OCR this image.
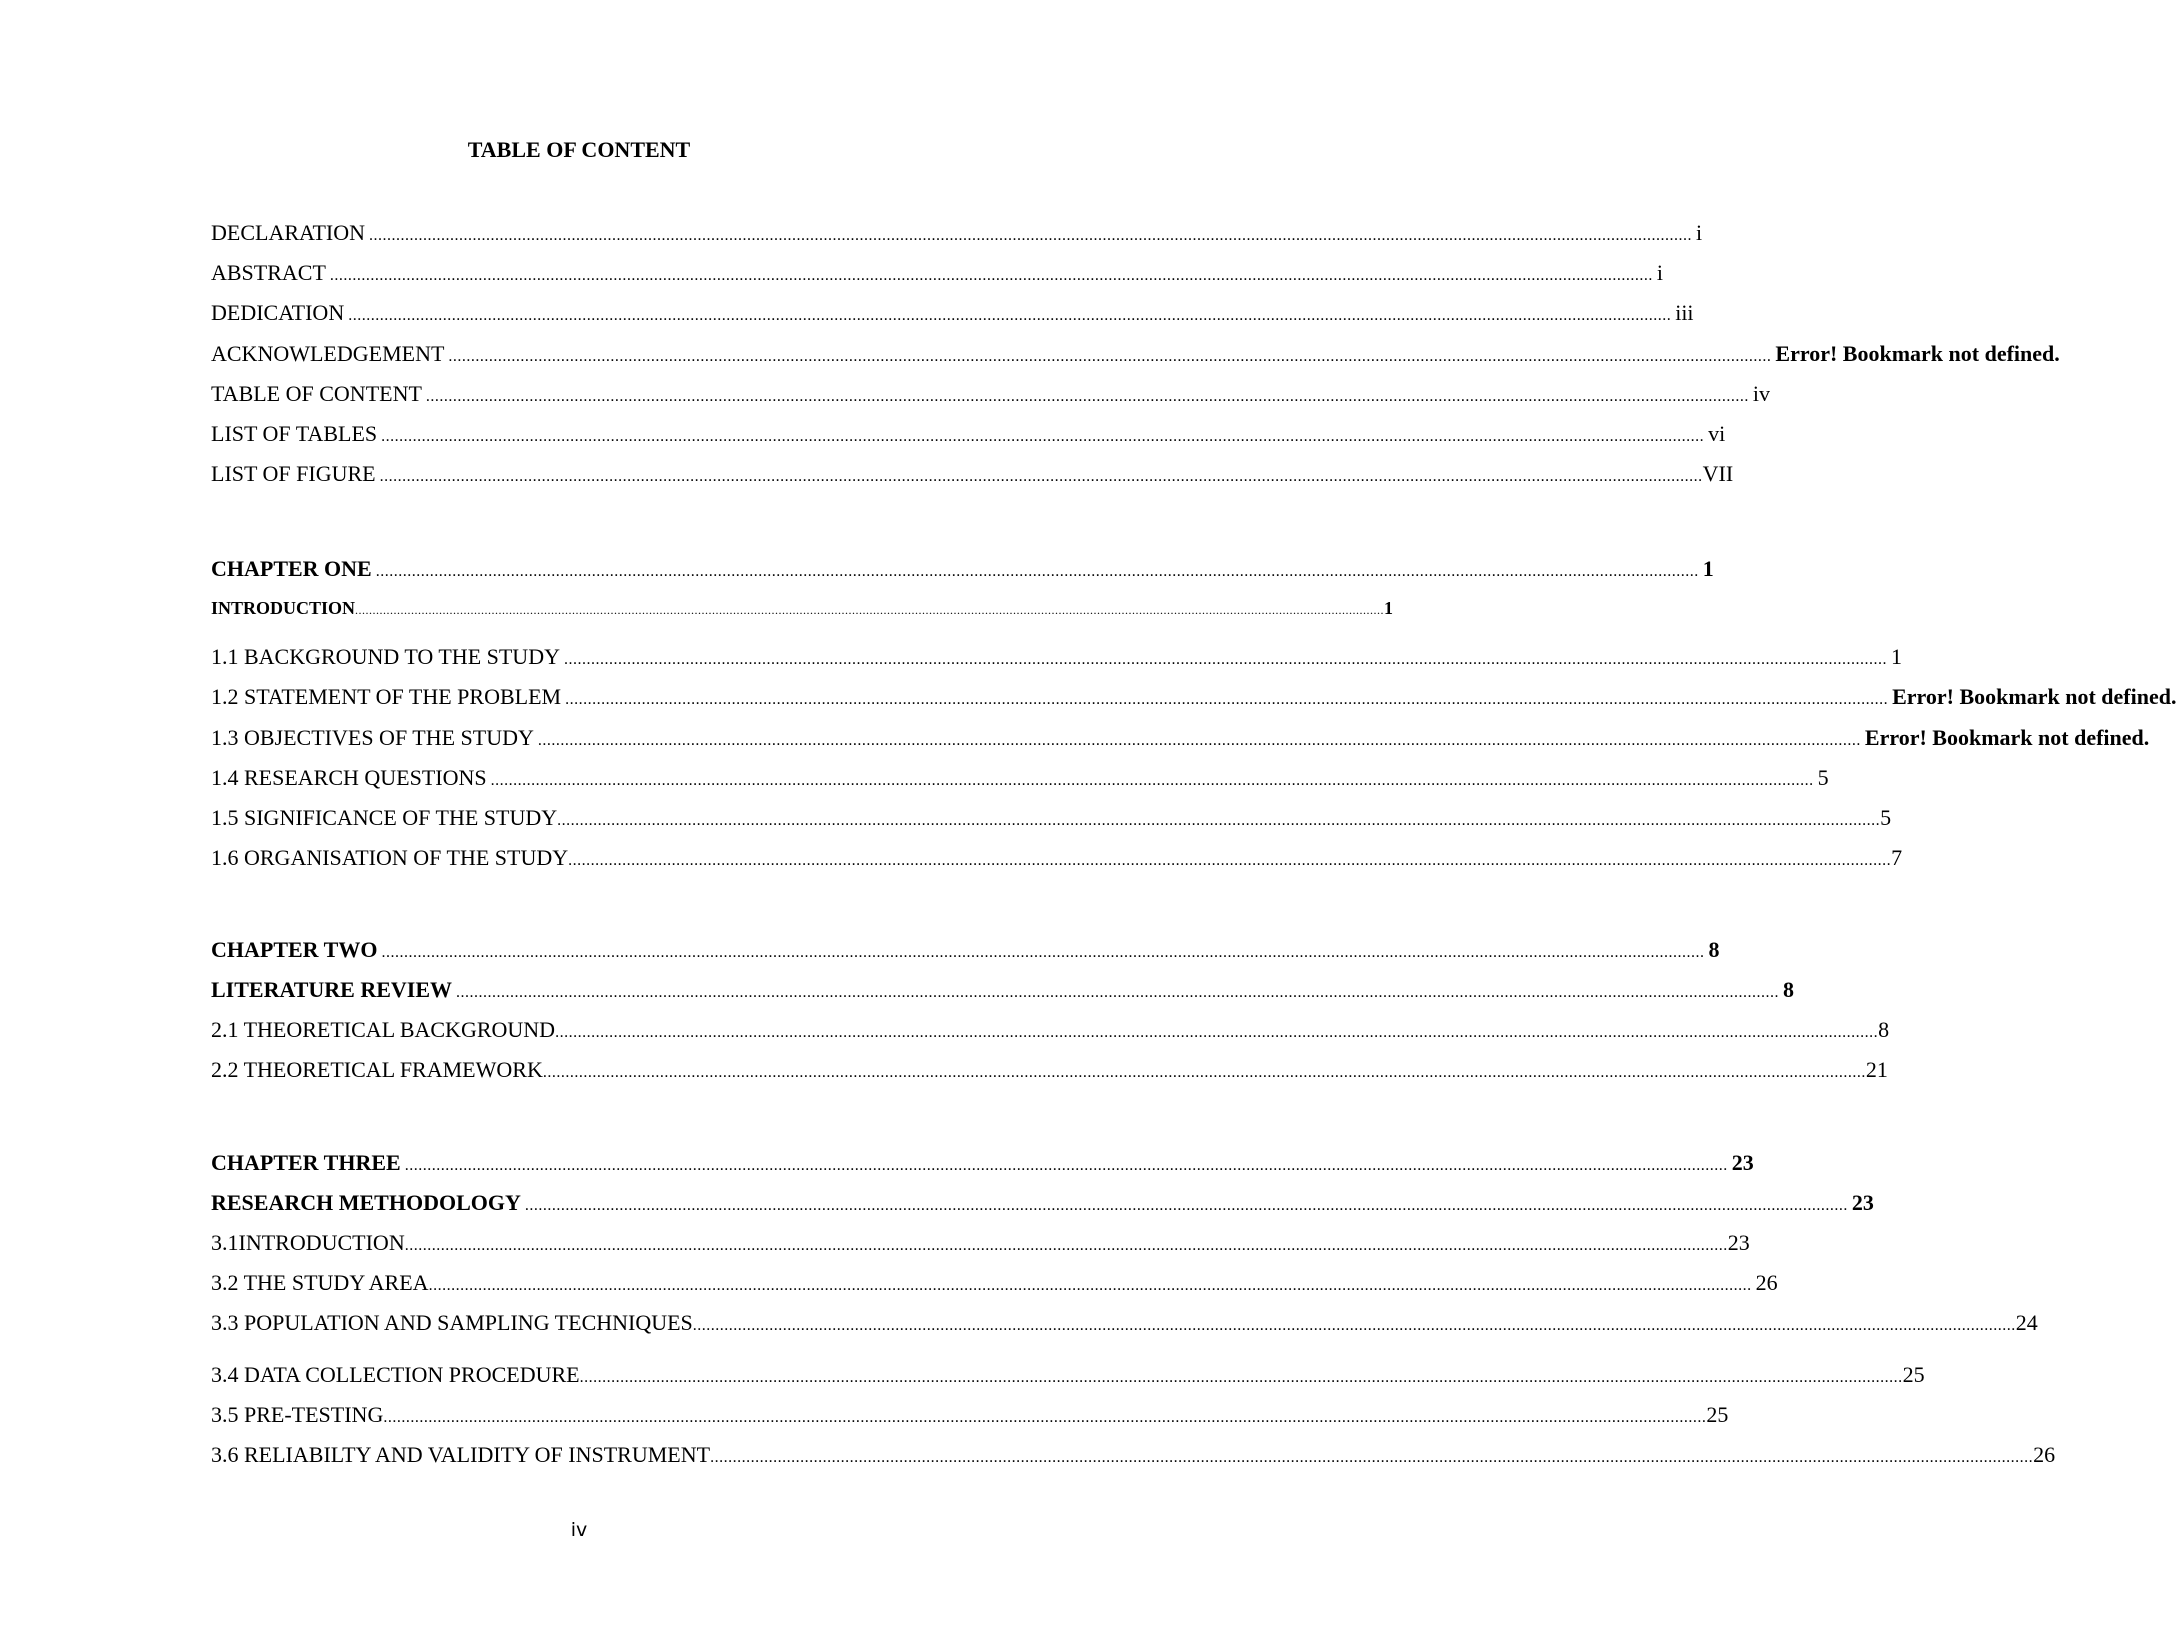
TABLE OF CONTENT
DECLARATION ...................................................................................................................................................................................................................................................................................................... i
ABSTRACT ...................................................................................................................................................................................................................................................................................................... i
DEDICATION ...................................................................................................................................................................................................................................................................................................... iii
ACKNOWLEDGEMENT ...................................................................................................................................................................................................................................................................................................... Error! Bookmark not defined.
TABLE OF CONTENT ...................................................................................................................................................................................................................................................................................................... iv
LIST OF TABLES ...................................................................................................................................................................................................................................................................................................... vi
LIST OF FIGURE ...................................................................................................................................................................................................................................................................................................... VII
CHAPTER ONE ...................................................................................................................................................................................................................................................................................................... 1
INTRODUCTION ...................................................................................................................................................................................................................................................................................................... 1
1.1 BACKGROUND TO THE STUDY ...................................................................................................................................................................................................................................................................................................... 1
1.2 STATEMENT OF THE PROBLEM ...................................................................................................................................................................................................................................................................................................... Error! Bookmark not defined.
1.3 OBJECTIVES OF THE STUDY ...................................................................................................................................................................................................................................................................................................... Error! Bookmark not defined.
1.4 RESEARCH QUESTIONS ...................................................................................................................................................................................................................................................................................................... 5
1.5 SIGNIFICANCE OF THE STUDY ...................................................................................................................................................................................................................................................................................................... 5
1.6 ORGANISATION OF THE STUDY ...................................................................................................................................................................................................................................................................................................... 7
CHAPTER TWO ...................................................................................................................................................................................................................................................................................................... 8
LITERATURE REVIEW ...................................................................................................................................................................................................................................................................................................... 8
2.1 THEORETICAL BACKGROUND ...................................................................................................................................................................................................................................................................................................... 8
2.2 THEORETICAL FRAMEWORK ...................................................................................................................................................................................................................................................................................................... 21
CHAPTER THREE ...................................................................................................................................................................................................................................................................................................... 23
RESEARCH METHODOLOGY ...................................................................................................................................................................................................................................................................................................... 23
3.1INTRODUCTION ...................................................................................................................................................................................................................................................................................................... 23
3.2 THE STUDY AREA ...................................................................................................................................................................................................................................................................................................... 26
3.3 POPULATION AND SAMPLING TECHNIQUES ...................................................................................................................................................................................................................................................................................................... 24
3.4 DATA COLLECTION PROCEDURE ...................................................................................................................................................................................................................................................................................................... 25
3.5 PRE-TESTING ...................................................................................................................................................................................................................................................................................................... 25
3.6 RELIABILTY AND VALIDITY OF INSTRUMENT ...................................................................................................................................................................................................................................................................................................... 26
iv
